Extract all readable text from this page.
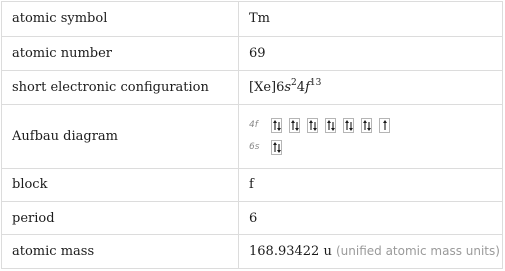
atomic symbol	Tm
atomic number	69
short electronic configuration	$[Xe]6s^24f^{13}$
Aufbau diagram	4f
6s

block	f
period	6
atomic mass	168.93422 u (unified atomic mass units)
